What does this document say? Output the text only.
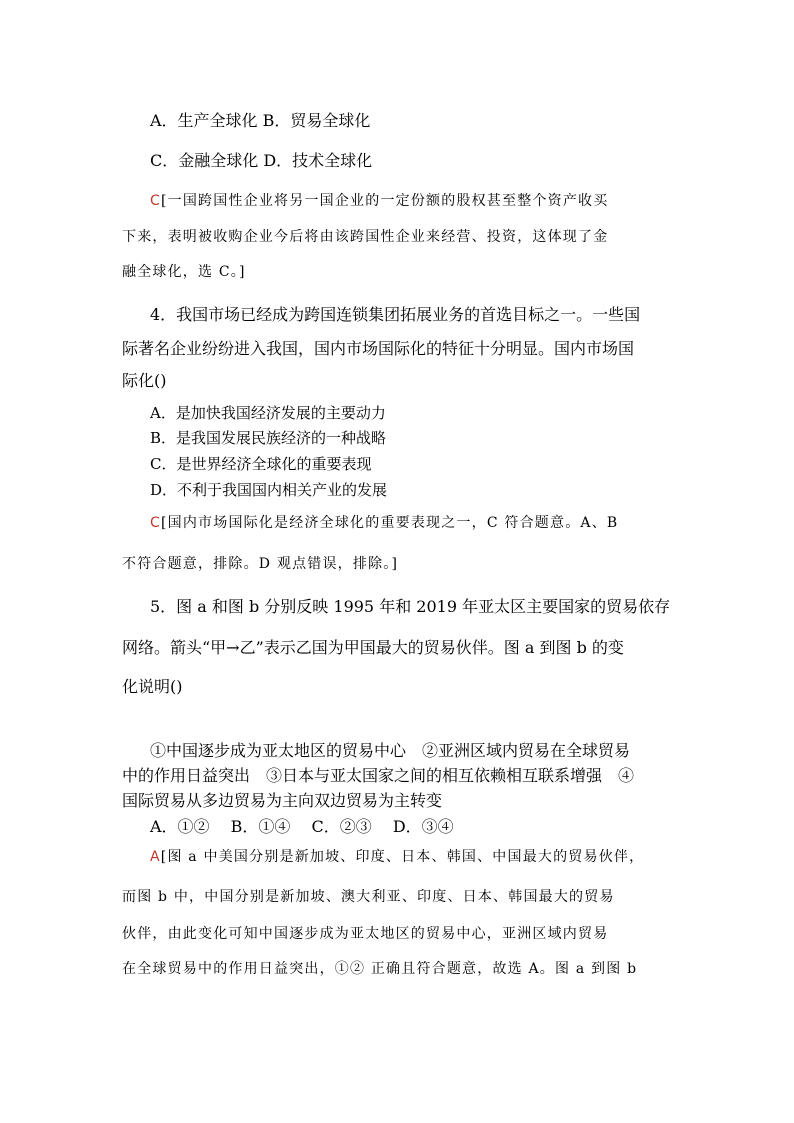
A．生产全球化 B．贸易全球化
C．金融全球化 D．技术全球化
C[一国跨国性企业将另一国企业的一定份额的股权甚至整个资产收买
下来，表明被收购企业今后将由该跨国性企业来经营、投资，这体现了金
融全球化，选 C。]
4．我国市场已经成为跨国连锁集团拓展业务的首选目标之一。一些国
际著名企业纷纷进入我国，国内市场国际化的特征十分明显。国内市场国
际化()
A．是加快我国经济发展的主要动力
B．是我国发展民族经济的一种战略
C．是世界经济全球化的重要表现
D．不利于我国国内相关产业的发展
C[国内市场国际化是经济全球化的重要表现之一，C 符合题意。A、B
不符合题意，排除。D 观点错误，排除。]
5．图 a 和图 b 分别反映 1995 年和 2019 年亚太区主要国家的贸易依存
网络。箭头“甲→乙”表示乙国为甲国最大的贸易伙伴。图 a 到图 b 的变
化说明()
①中国逐步成为亚太地区的贸易中心　②亚洲区域内贸易在全球贸易
中的作用日益突出　③日本与亚太国家之间的相互依赖相互联系增强　④
国际贸易从多边贸易为主向双边贸易为主转变
A．①②　 B．①④　 C．②③　 D．③④
A[图 a 中美国分别是新加坡、印度、日本、韩国、中国最大的贸易伙伴，
而图 b 中，中国分别是新加坡、澳大利亚、印度、日本、韩国最大的贸易
伙伴，由此变化可知中国逐步成为亚太地区的贸易中心，亚洲区域内贸易
在全球贸易中的作用日益突出，①② 正确且符合题意，故选 A。图 a 到图 b
